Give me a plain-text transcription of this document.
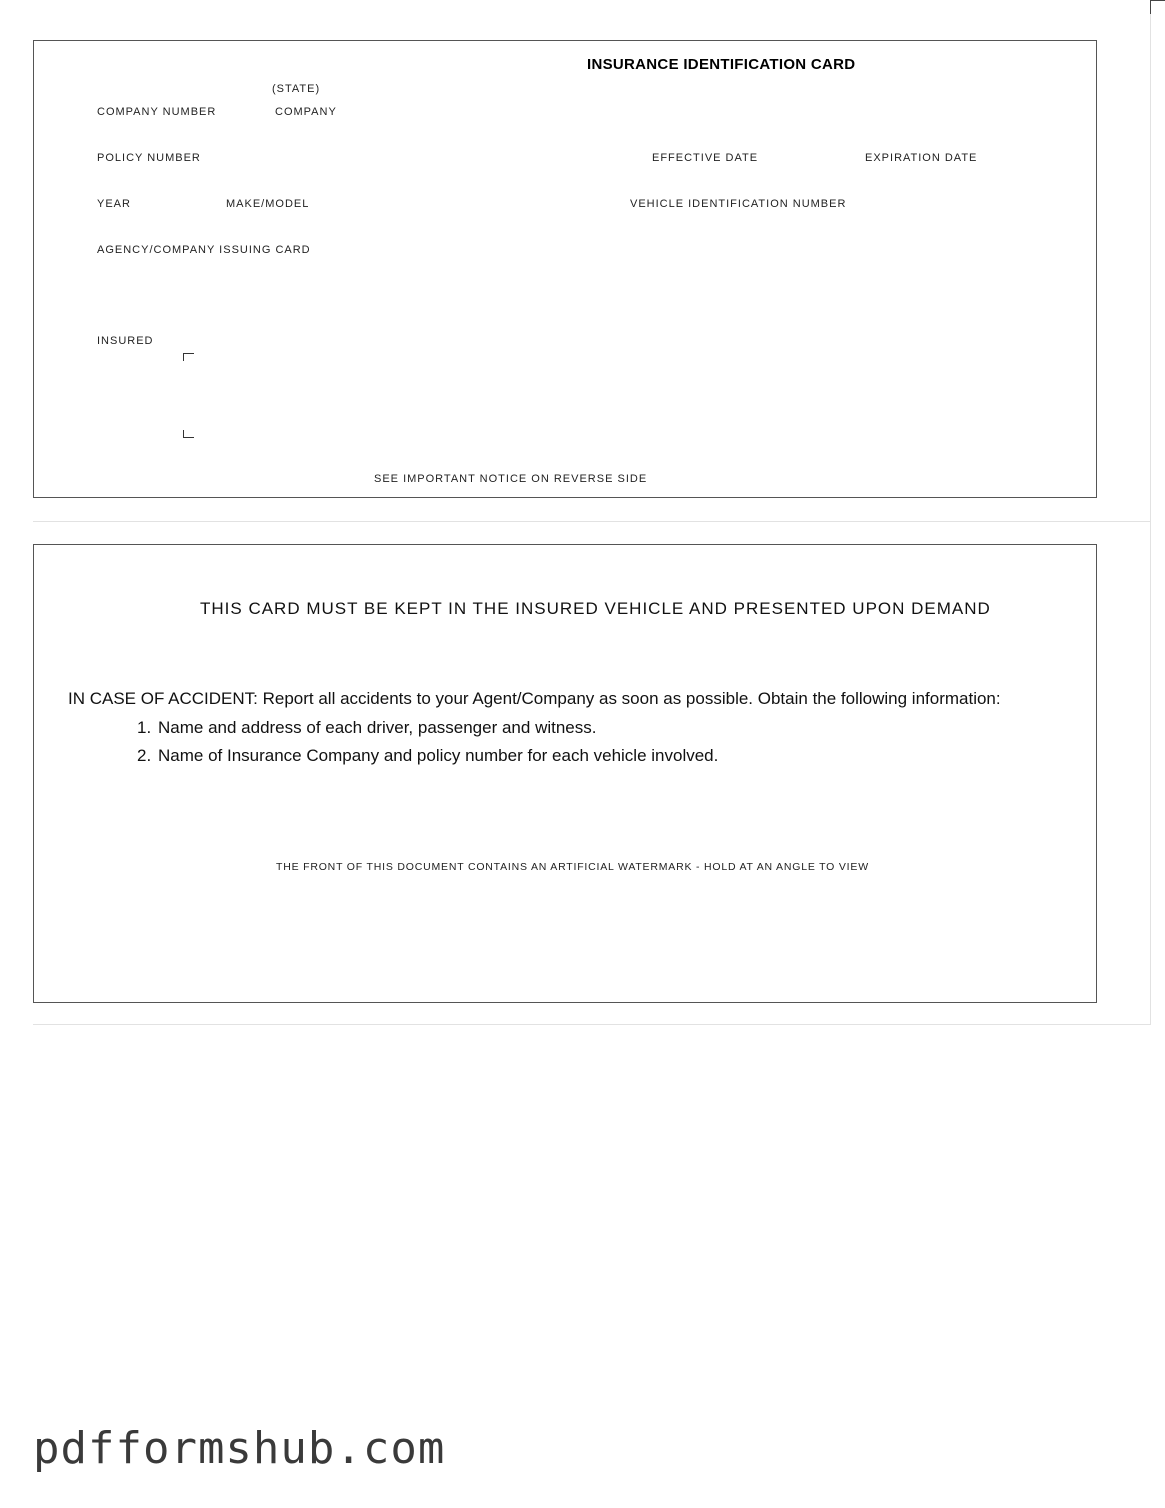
INSURANCE IDENTIFICATION CARD
(STATE)
COMPANY NUMBER	COMPANY
POLICY NUMBER	EFFECTIVE DATE	EXPIRATION DATE
YEAR	MAKE/MODEL	VEHICLE IDENTIFICATION NUMBER
AGENCY/COMPANY ISSUING CARD
INSURED
SEE IMPORTANT NOTICE ON REVERSE SIDE
THIS CARD MUST BE KEPT IN THE INSURED VEHICLE AND PRESENTED UPON DEMAND
IN CASE OF ACCIDENT: Report all accidents to your Agent/Company as soon as possible. Obtain the following information:
1. Name and address of each driver, passenger and witness.
2. Name of Insurance Company and policy number for each vehicle involved.
THE FRONT OF THIS DOCUMENT CONTAINS AN ARTIFICIAL WATERMARK - HOLD AT AN ANGLE TO VIEW
pdfformshub.com
